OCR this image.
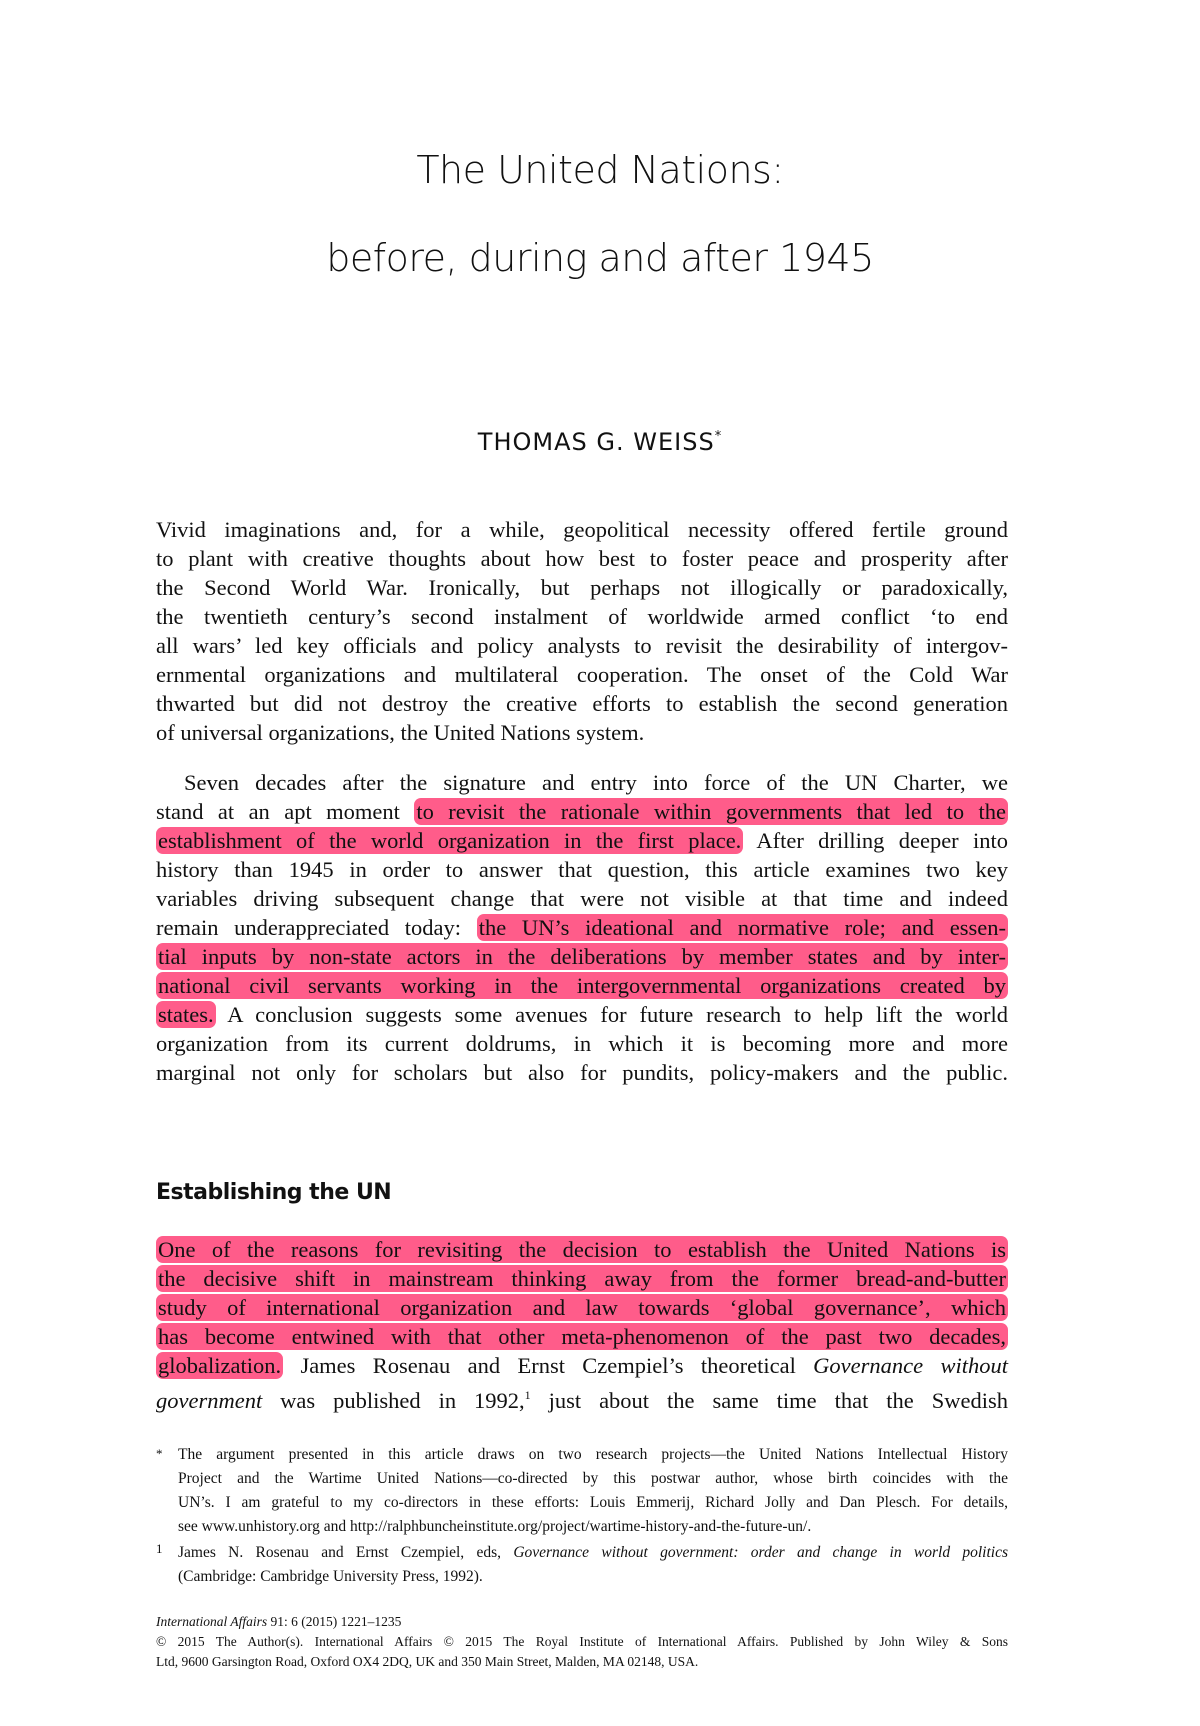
The United Nations:
before, during and after 1945
THOMAS G. WEISS*
Vivid imaginations and, for a while, geopolitical necessity offered fertile ground
to plant with creative thoughts about how best to foster peace and prosperity after
the Second World War. Ironically, but perhaps not illogically or paradoxically,
the twentieth century’s second instalment of worldwide armed conflict ‘to end
all wars’ led key officials and policy analysts to revisit the desirability of intergov-
ernmental organizations and multilateral cooperation. The onset of the Cold War
thwarted but did not destroy the creative efforts to establish the second generation
of universal organizations, the United Nations system.
Seven decades after the signature and entry into force of the UN Charter, we
stand at an apt moment to revisit the rationale within governments that led to the
establishment of the world organization in the first place. After drilling deeper into
history than 1945 in order to answer that question, this article examines two key
variables driving subsequent change that were not visible at that time and indeed
remain underappreciated today: the UN’s ideational and normative role; and essen-
tial inputs by non-state actors in the deliberations by member states and by inter-
national civil servants working in the intergovernmental organizations created by
states. A conclusion suggests some avenues for future research to help lift the world
organization from its current doldrums, in which it is becoming more and more
marginal not only for scholars but also for pundits, policy-makers and the public.
Establishing the UN
One of the reasons for revisiting the decision to establish the United Nations is
the decisive shift in mainstream thinking away from the former bread-and-butter
study of international organization and law towards ‘global governance’, which
has become entwined with that other meta-phenomenon of the past two decades,
globalization. James Rosenau and Ernst Czempiel’s theoretical Governance without
government was published in 1992,$^1$ just about the same time that the Swedish
* The argument presented in this article draws on two research projects—the United Nations Intellectual History
Project and the Wartime United Nations—co-directed by this postwar author, whose birth coincides with the
UN’s. I am grateful to my co-directors in these efforts: Louis Emmerij, Richard Jolly and Dan Plesch. For details,
see www.unhistory.org and http://ralphbuncheinstitute.org/project/wartime-history-and-the-future-un/.
1 James N. Rosenau and Ernst Czempiel, eds, Governance without government: order and change in world politics
(Cambridge: Cambridge University Press, 1992).
International Affairs 91: 6 (2015) 1221–1235
© 2015 The Author(s). International Affairs © 2015 The Royal Institute of International Affairs. Published by John Wiley & Sons
Ltd, 9600 Garsington Road, Oxford OX4 2DQ, UK and 350 Main Street, Malden, MA 02148, USA.
